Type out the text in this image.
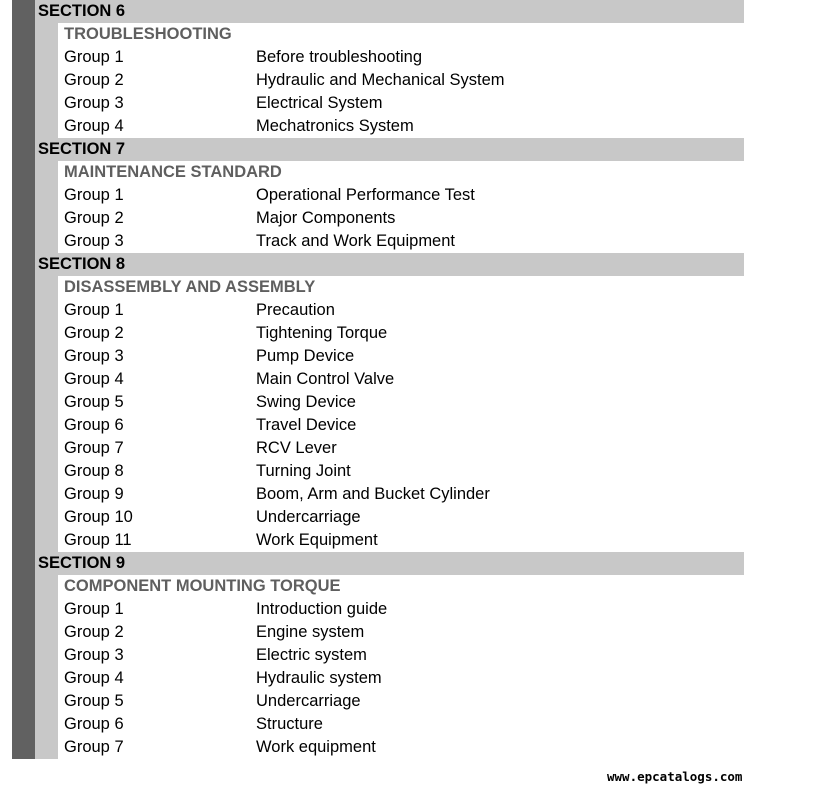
SECTION 6
TROUBLESHOOTING
Group 1	Before troubleshooting
Group 2	Hydraulic and Mechanical System
Group 3	Electrical System
Group 4	Mechatronics System
SECTION 7
MAINTENANCE STANDARD
Group 1	Operational Performance Test
Group 2	Major Components
Group 3	Track and Work Equipment
SECTION 8
DISASSEMBLY AND ASSEMBLY
Group 1	Precaution
Group 2	Tightening Torque
Group 3	Pump Device
Group 4	Main Control Valve
Group 5	Swing Device
Group 6	Travel Device
Group 7	RCV Lever
Group 8	Turning Joint
Group 9	Boom, Arm and Bucket Cylinder
Group 10	Undercarriage
Group 11	Work Equipment
SECTION 9
COMPONENT MOUNTING TORQUE
Group 1	Introduction guide
Group 2	Engine system
Group 3	Electric system
Group 4	Hydraulic system
Group 5	Undercarriage
Group 6	Structure
Group 7	Work equipment
www.epcatalogs.com
